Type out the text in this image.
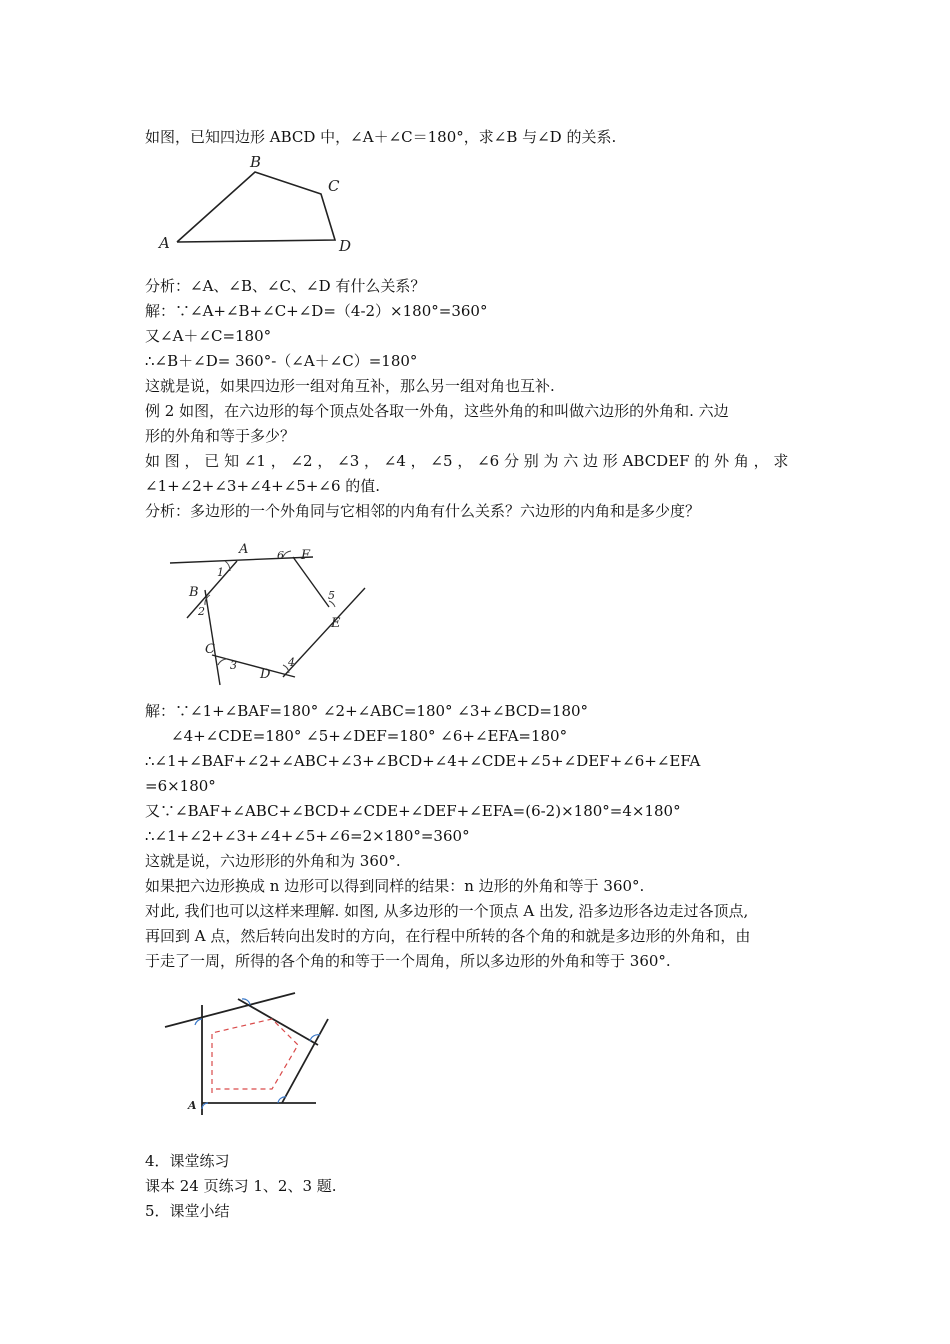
如图，已知四边形 ABCD 中，∠A＋∠C＝180°，求∠B 与∠D 的关系.
A
B
C
D
分析：∠A、∠B、∠C、∠D 有什么关系？
解：∵∠A+∠B+∠C+∠D=（4-2）×180°=360°
又∠A＋∠C=180°
∴∠B＋∠D= 360°-（∠A＋∠C）=180°
这就是说，如果四边形一组对角互补，那么另一组对角也互补.
例 2 如图，在六边形的每个顶点处各取一外角，这些外角的和叫做六边形的外角和. 六边
形的外角和等于多少？
如 图 ， 已 知 ∠1 ， ∠2 ， ∠3 ， ∠4 ， ∠5 ， ∠6 分 别 为 六 边 形 ABCDEF 的 外 角 ， 求
∠1+∠2+∠3+∠4+∠5+∠6 的值.
分析：多边形的一个外角同与它相邻的内角有什么关系？六边形的内角和是多少度？
A
B
C
D
E
F
1
2
3	4
5
6
解：∵∠1+∠BAF=180° ∠2+∠ABC=180° ∠3+∠BCD=180°
∠4+∠CDE=180° ∠5+∠DEF=180° ∠6+∠EFA=180°
∴∠1+∠BAF+∠2+∠ABC+∠3+∠BCD+∠4+∠CDE+∠5+∠DEF+∠6+∠EFA
=6×180°
又∵∠BAF+∠ABC+∠BCD+∠CDE+∠DEF+∠EFA=(6-2)×180°=4×180°
∴∠1+∠2+∠3+∠4+∠5+∠6=2×180°=360°
这就是说，六边形形的外角和为 360°.
如果把六边形换成 n 边形可以得到同样的结果：n 边形的外角和等于 360°.
对此, 我们也可以这样来理解. 如图, 从多边形的一个顶点 A 出发, 沿多边形各边走过各顶点,
再回到 A 点，然后转向出发时的方向，在行程中所转的各个角的和就是多边形的外角和，由
于走了一周，所得的各个角的和等于一个周角，所以多边形的外角和等于 360°.
A
4．课堂练习
课本 24 页练习 1、2、3 题.
5．课堂小结
